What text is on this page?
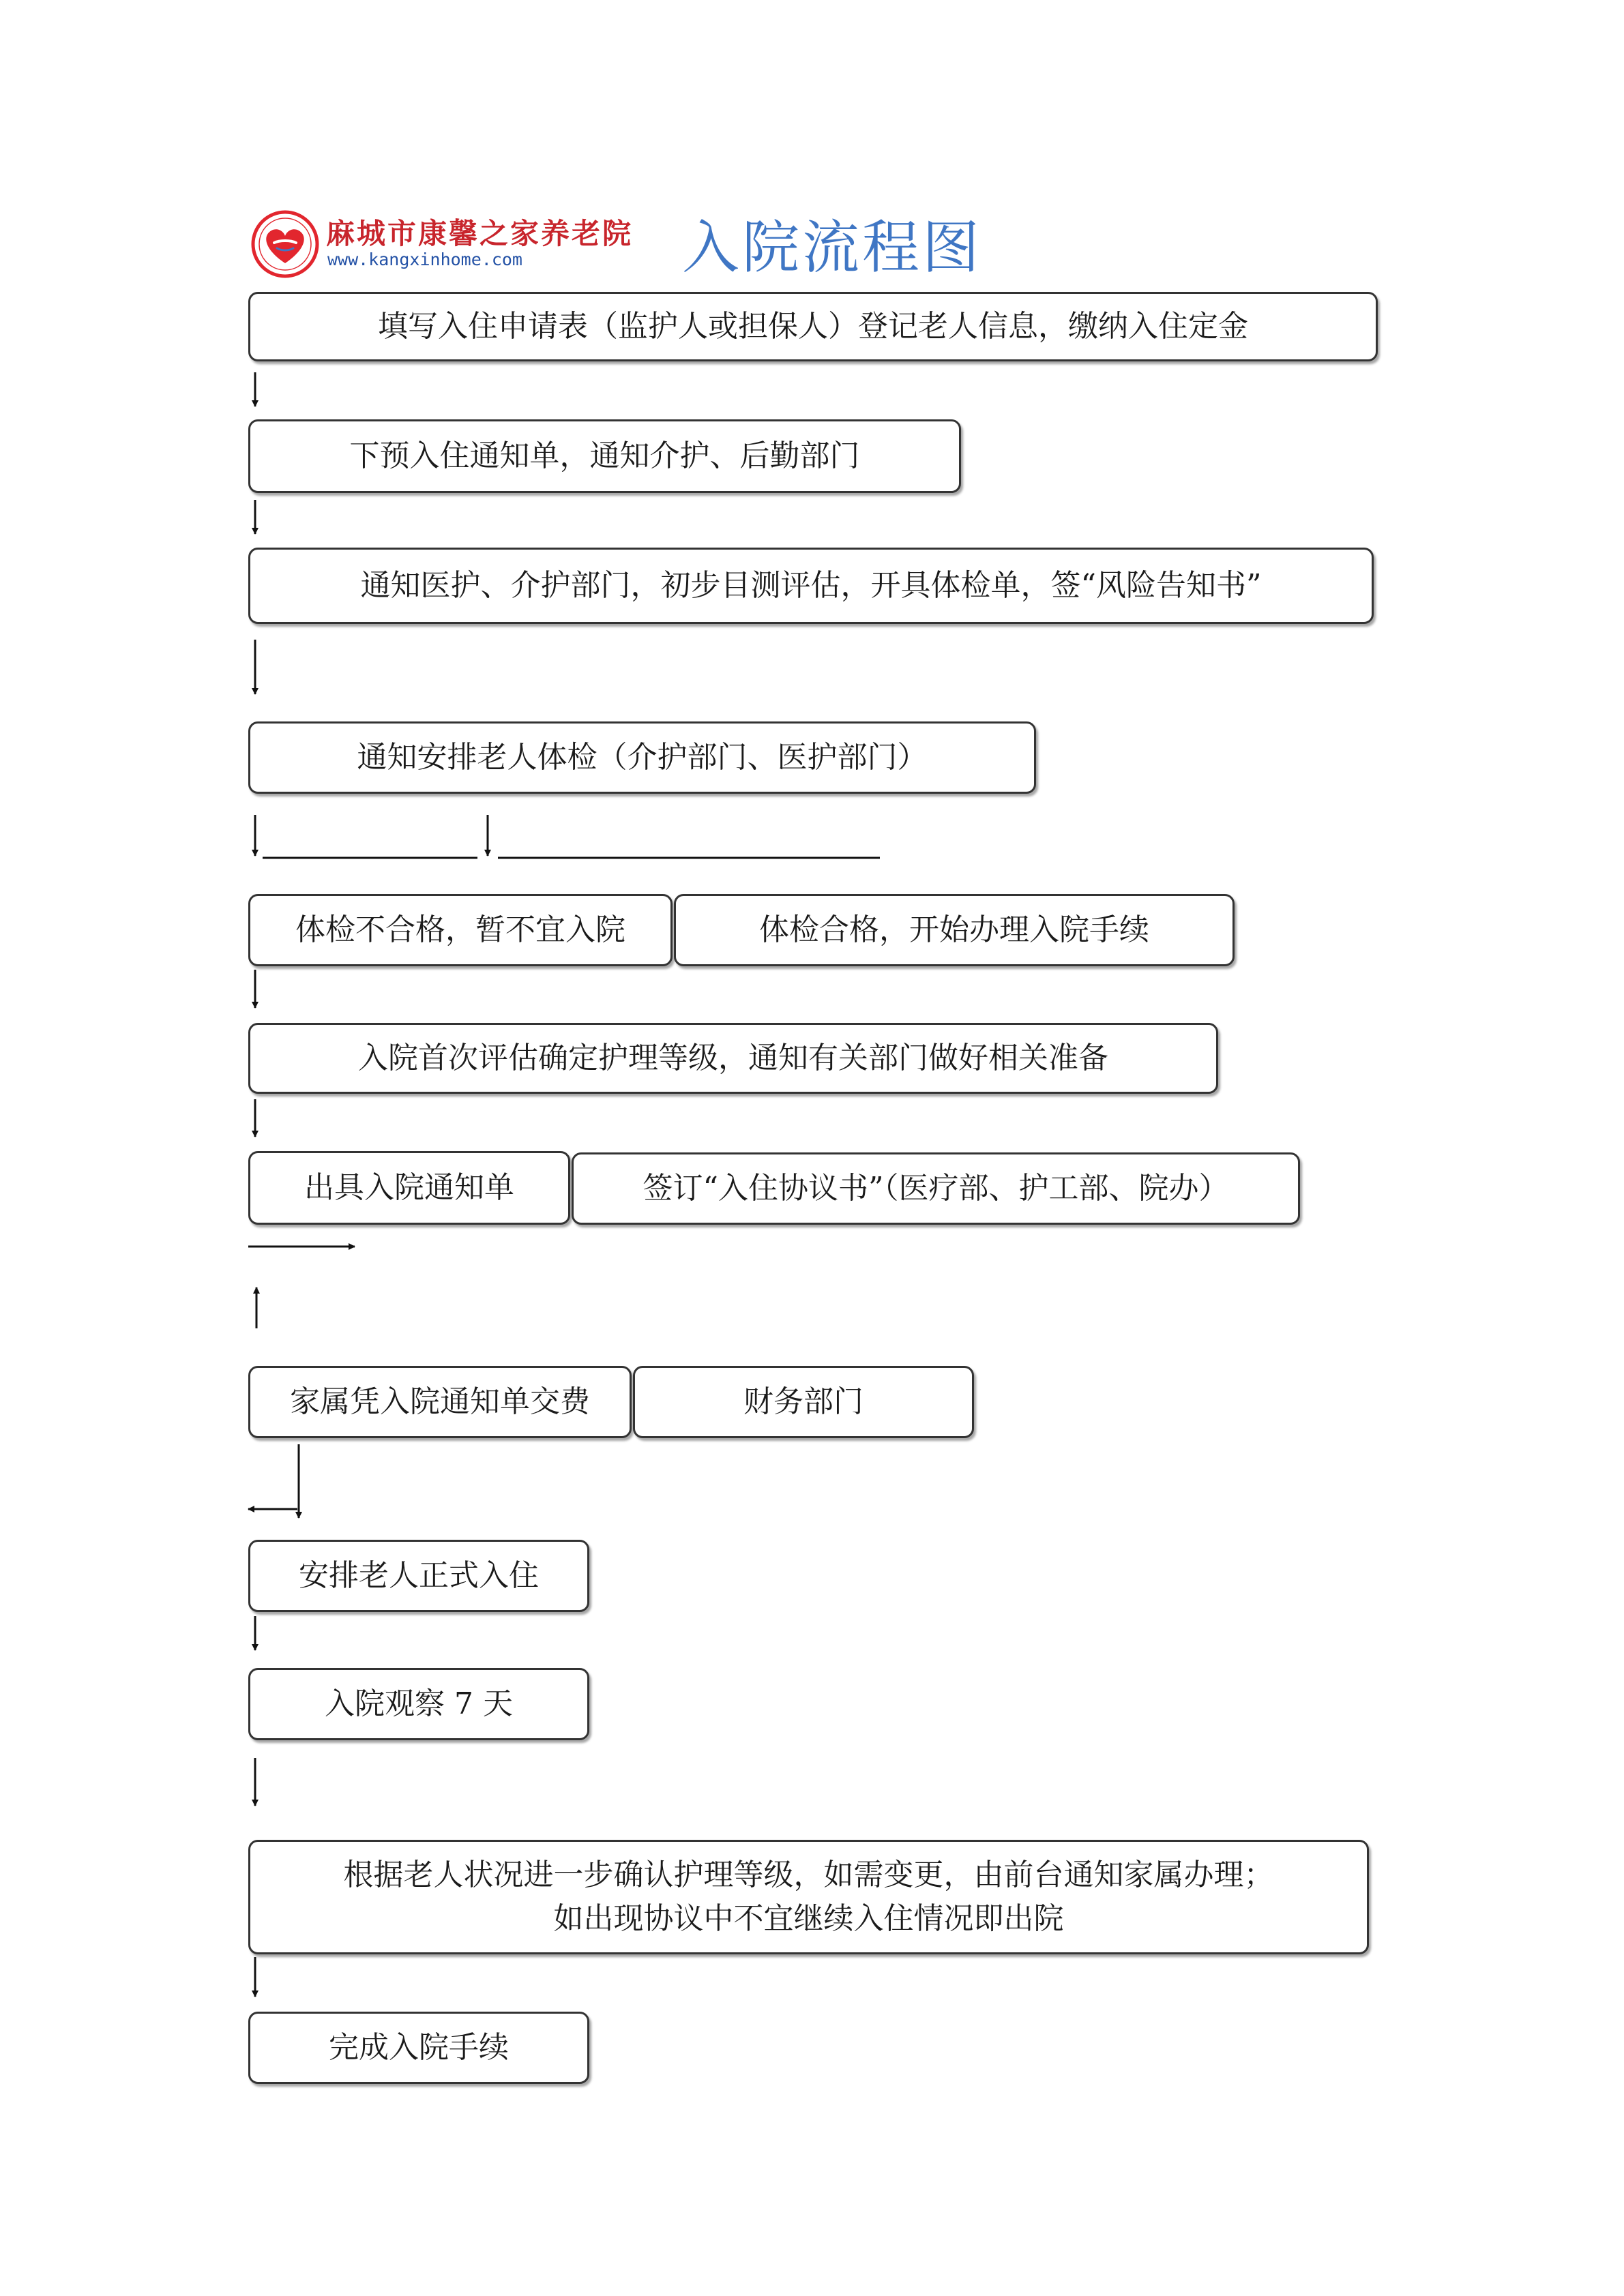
麻城市康馨之家养老院
www.kangxinhome.com	入院流程图
填写入住申请表（监护人或担保人）登记老人信息，缴纳入住定金
下预入住通知单，通知介护、后勤部门
通知医护、介护部门，初步目测评估，开具体检单，签“风险告知书”
通知安排老人体检（介护部门、医护部门）
体检不合格，暂不宜入院	体检合格，开始办理入院手续
入院首次评估确定护理等级，通知有关部门做好相关准备
出具入院通知单	签订“入住协议书”（医疗部、护工部、院办）
家属凭入院通知单交费	财务部门
安排老人正式入住
入院观察 7 天
根据老人状况进一步确认护理等级，如需变更，由前台通知家属办理；
如出现协议中不宜继续入住情况即出院
完成入院手续
